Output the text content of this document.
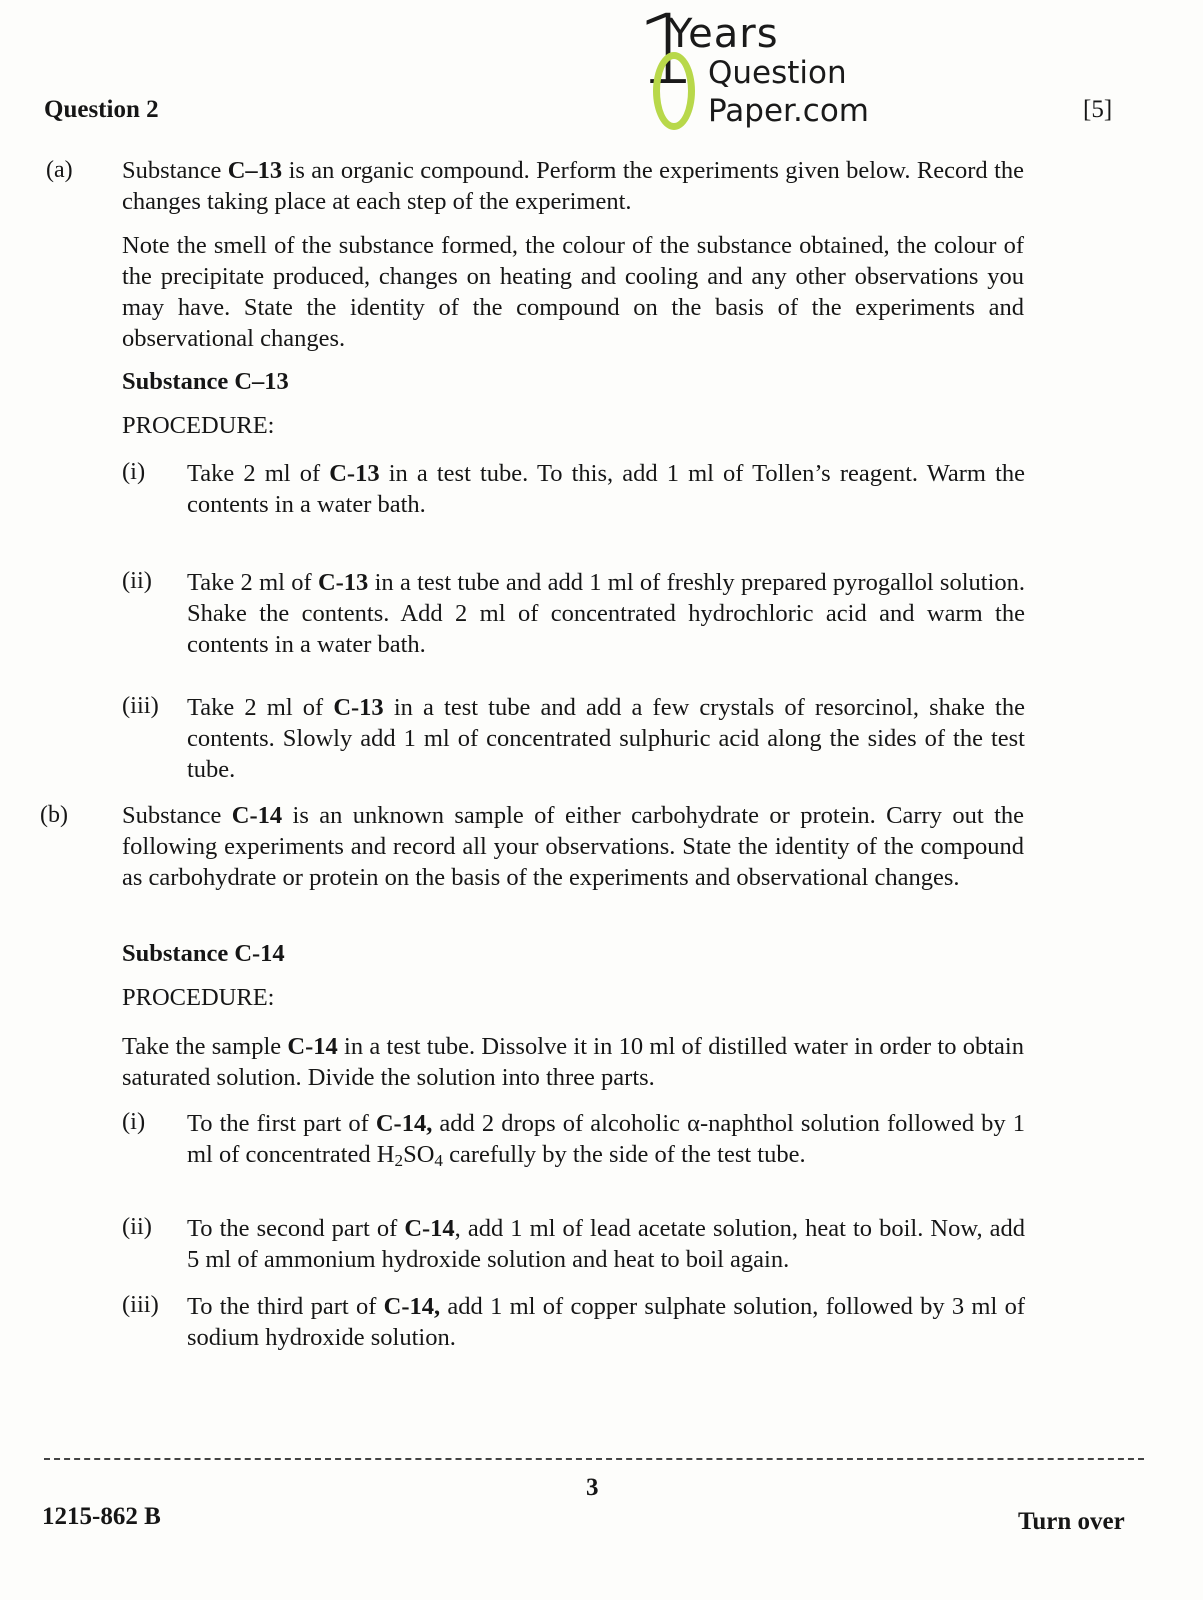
Question 2
1
Years
Question
Paper.com	[5]
(a) Substance C–13 is an organic compound. Perform the experiments given below. Record the changes taking place at each step of the experiment.
Note the smell of the substance formed, the colour of the substance obtained, the colour of the precipitate produced, changes on heating and cooling and any other observations you may have. State the identity of the compound on the basis of the experiments and observational changes.
Substance C–13
PROCEDURE:
(i) Take 2 ml of C-13 in a test tube. To this, add 1 ml of Tollen’s reagent. Warm the contents in a water bath.
(ii) Take 2 ml of C-13 in a test tube and add 1 ml of freshly prepared pyrogallol solution. Shake the contents. Add 2 ml of concentrated hydrochloric acid and warm the contents in a water bath.
(iii) Take 2 ml of C-13 in a test tube and add a few crystals of resorcinol, shake the contents. Slowly add 1 ml of concentrated sulphuric acid along the sides of the test tube.
(b) Substance C-14 is an unknown sample of either carbohydrate or protein. Carry out the following experiments and record all your observations. State the identity of the compound as carbohydrate or protein on the basis of the experiments and observational changes.
Substance C-14
PROCEDURE:
Take the sample C-14 in a test tube. Dissolve it in 10 ml of distilled water in order to obtain saturated solution. Divide the solution into three parts.
(i) To the first part of C-14, add 2 drops of alcoholic α-naphthol solution followed by 1 ml of concentrated $H_2SO_4$ carefully by the side of the test tube.
(ii) To the second part of C-14, add 1 ml of lead acetate solution, heat to boil. Now, add 5 ml of ammonium hydroxide solution and heat to boil again.
(iii) To the third part of C-14, add 1 ml of copper sulphate solution, followed by 3 ml of sodium hydroxide solution.
3
1215-862 B	Turn over
